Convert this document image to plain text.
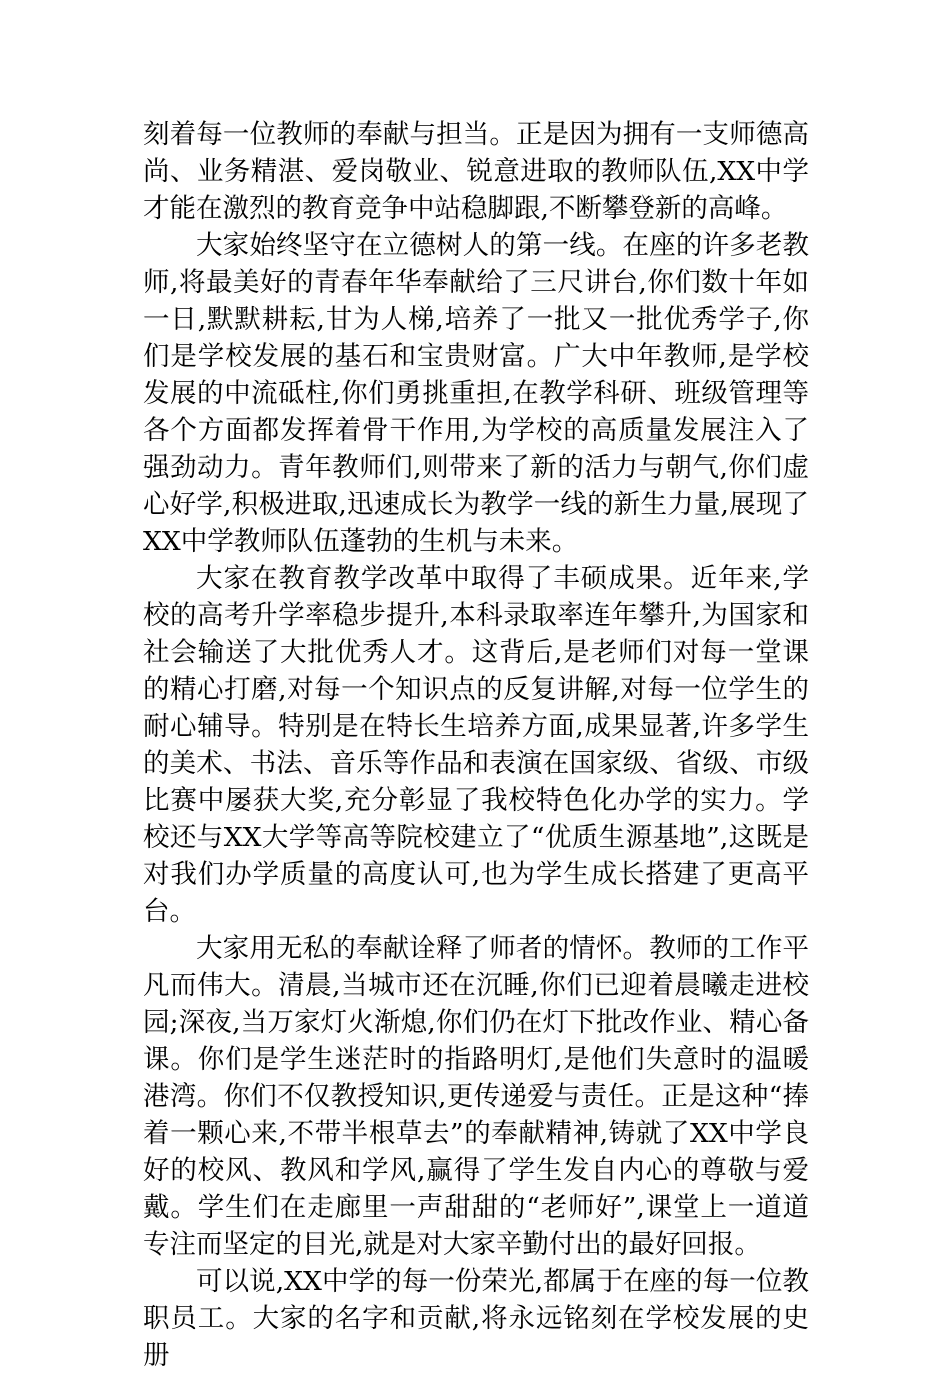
刻着每一位教师的奉献与担当。正是因为拥有一支师德高尚、业务精湛、爱岗敬业、锐意进取的教师队伍,XX中学才能在激烈的教育竞争中站稳脚跟,不断攀登新的高峰。

大家始终坚守在立德树人的第一线。在座的许多老教师,将最美好的青春年华奉献给了三尺讲台,你们数十年如一日,默默耕耘,甘为人梯,培养了一批又一批优秀学子,你们是学校发展的基石和宝贵财富。广大中年教师,是学校发展的中流砥柱,你们勇挑重担,在教学科研、班级管理等各个方面都发挥着骨干作用,为学校的高质量发展注入了强劲动力。青年教师们,则带来了新的活力与朝气,你们虚心好学,积极进取,迅速成长为教学一线的新生力量,展现了XX中学教师队伍蓬勃的生机与未来。

大家在教育教学改革中取得了丰硕成果。近年来,学校的高考升学率稳步提升,本科录取率连年攀升,为国家和社会输送了大批优秀人才。这背后,是老师们对每一堂课的精心打磨,对每一个知识点的反复讲解,对每一位学生的耐心辅导。特别是在特长生培养方面,成果显著,许多学生的美术、书法、音乐等作品和表演在国家级、省级、市级比赛中屡获大奖,充分彰显了我校特色化办学的实力。学校还与XX大学等高等院校建立了“优质生源基地”,这既是对我们办学质量的高度认可,也为学生成长搭建了更高平台。

大家用无私的奉献诠释了师者的情怀。教师的工作平凡而伟大。清晨,当城市还在沉睡,你们已迎着晨曦走进校园;深夜,当万家灯火渐熄,你们仍在灯下批改作业、精心备课。你们是学生迷茫时的指路明灯,是他们失意时的温暖港湾。你们不仅教授知识,更传递爱与责任。正是这种“捧着一颗心来,不带半根草去”的奉献精神,铸就了XX中学良好的校风、教风和学风,赢得了学生发自内心的尊敬与爱戴。学生们在走廊里一声甜甜的“老师好”,课堂上一道道专注而坚定的目光,就是对大家辛勤付出的最好回报。

可以说,XX中学的每一份荣光,都属于在座的每一位教职员工。大家的名字和贡献,将永远铭刻在学校发展的史册
